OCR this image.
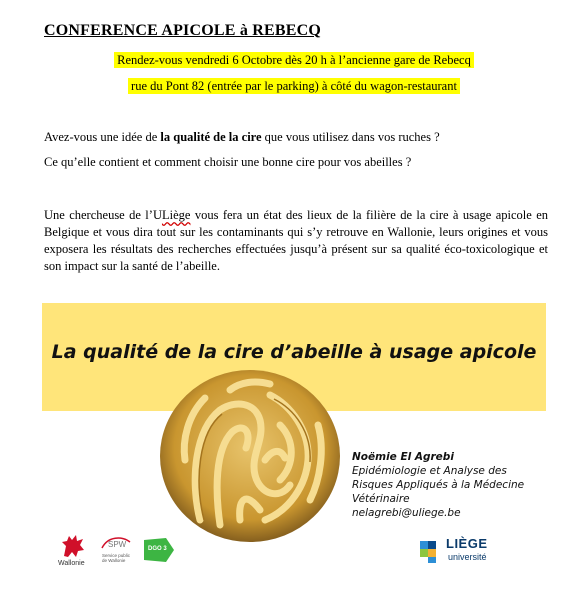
CONFERENCE APICOLE à REBECQ
Rendez-vous vendredi 6 Octobre dès 20 h à l’ancienne gare de Rebecq
rue du Pont 82 (entrée par le parking) à côté du wagon-restaurant
Avez-vous une idée de la qualité de la cire que vous utilisez dans vos ruches ?
Ce qu’elle contient et comment choisir une bonne cire pour vos abeilles ?
Une chercheuse de l’ULiège vous fera un état des lieux de la filière de la cire à usage apicole en Belgique et vous dira tout sur les contaminants qui s’y retrouve en Wallonie, leurs origines et vous exposera les résultats des recherches effectuées jusqu’à présent sur sa qualité éco-toxicologique et son impact sur la santé de l’abeille.
La qualité de la cire d’abeille à usage apicole
Noëmie El Agrebi
Epidémiologie et Analyse des
Risques Appliqués à la Médecine
Vétérinaire
nelagrebi@uliege.be
Wallonie
SPW
Service public
de Wallonie
DGO 3	LIÈGE
université
